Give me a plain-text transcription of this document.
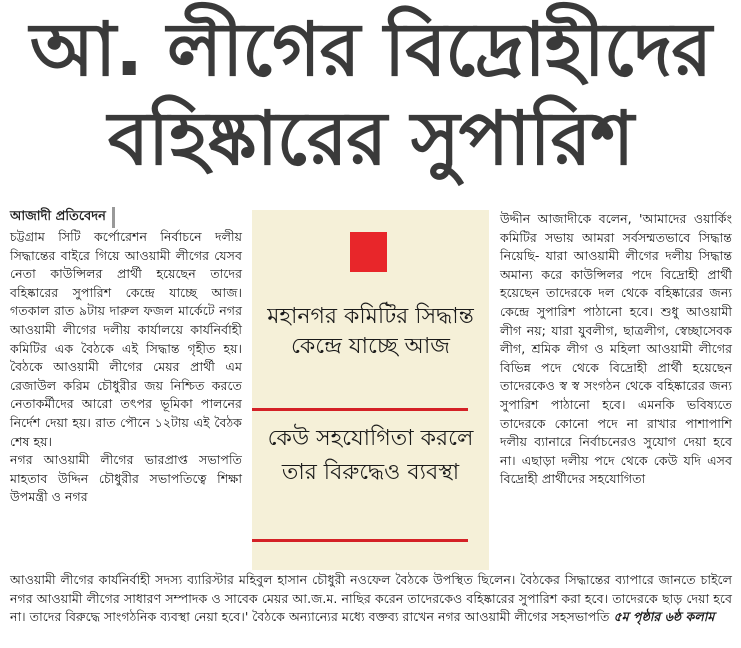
আ. লীগের বিদ্রোহীদের
বহিষ্কারের সুপারিশ
আজাদী প্রতিবেদন

চট্টগ্রাম সিটি কর্পোরেশন নির্বাচনে দলীয় সিদ্ধান্তের বাইরে গিয়ে আওয়ামী লীগের যেসব নেতা কাউন্সিলর প্রার্থী হয়েছেন তাদের বহিষ্কারের সুপারিশ কেন্দ্রে যাচ্ছে আজ। গতকাল রাত ৯টায় দারুল ফজল মার্কেটে নগর আওয়ামী লীগের দলীয় কার্যালয়ে কার্যনির্বাহী কমিটির এক বৈঠকে এই সিদ্ধান্ত গৃহীত হয়। বৈঠকে আওয়ামী লীগের মেয়র প্রার্থী এম রেজাউল করিম চৌধুরীর জয় নিশ্চিত করতে নেতাকর্মীদের আরো তৎপর ভূমিকা পালনের নির্দেশ দেয়া হয়। রাত পৌনে ১২টায় এই বৈঠক শেষ হয়।

নগর আওয়ামী লীগের ভারপ্রাপ্ত সভাপতি মাহতাব উদ্দিন চৌধুরীর সভাপতিত্বে শিক্ষা উপমন্ত্রী ও নগর

মহানগর কমিটির সিদ্ধান্ত কেন্দ্রে যাচ্ছে আজ
কেউ সহযোগিতা করলে তার বিরুদ্ধেও ব্যবস্থা

উদ্দীন আজাদীকে বলেন, 'আমাদের ওয়ার্কিং কমিটির সভায় আমরা সর্বসম্মতভাবে সিদ্ধান্ত নিয়েছি- যারা আওয়ামী লীগের দলীয় সিদ্ধান্ত অমান্য করে কাউন্সিলর পদে বিদ্রোহী প্রার্থী হয়েছেন তাদেরকে দল থেকে বহিষ্কারের জন্য কেন্দ্রে সুপারিশ পাঠানো হবে। শুধু আওয়ামী লীগ নয়; যারা যুবলীগ, ছাত্রলীগ, স্বেচ্ছাসেবক লীগ, শ্রমিক লীগ ও মহিলা আওয়ামী লীগের বিভিন্ন পদে থেকে বিদ্রোহী প্রার্থী হয়েছেন তাদেরকেও স্ব স্ব সংগঠন থেকে বহিষ্কারের জন্য সুপারিশ পাঠানো হবে। এমনকি ভবিষ্যতে তাদেরকে কোনো পদে না রাখার পাশাপাশি দলীয় ব্যানারে নির্বাচনেরও সুযোগ দেয়া হবে না। এছাড়া দলীয় পদে থেকে কেউ যদি এসব বিদ্রোহী প্রার্থীদের সহযোগিতা

আওয়ামী লীগের কার্যনির্বাহী সদস্য ব্যারিস্টার মহিবুল হাসান চৌধুরী নওফেল বৈঠকে উপস্থিত ছিলেন। বৈঠকের সিদ্ধান্তের ব্যাপারে জানতে চাইলে নগর আওয়ামী লীগের সাধারণ সম্পাদক ও সাবেক মেয়র আ.জ.ম. নাছির করেন তাদেরকেও বহিষ্কারের সুপারিশ করা হবে। তাদেরকে ছাড় দেয়া হবে না। তাদের বিরুদ্ধে সাংগঠনিক ব্যবস্থা নেয়া হবে।' বৈঠকে অন্যান্যের মধ্যে বক্তব্য রাখেন নগর আওয়ামী লীগের সহসভাপতি ৫ম পৃষ্ঠার ৬ষ্ঠ কলাম
